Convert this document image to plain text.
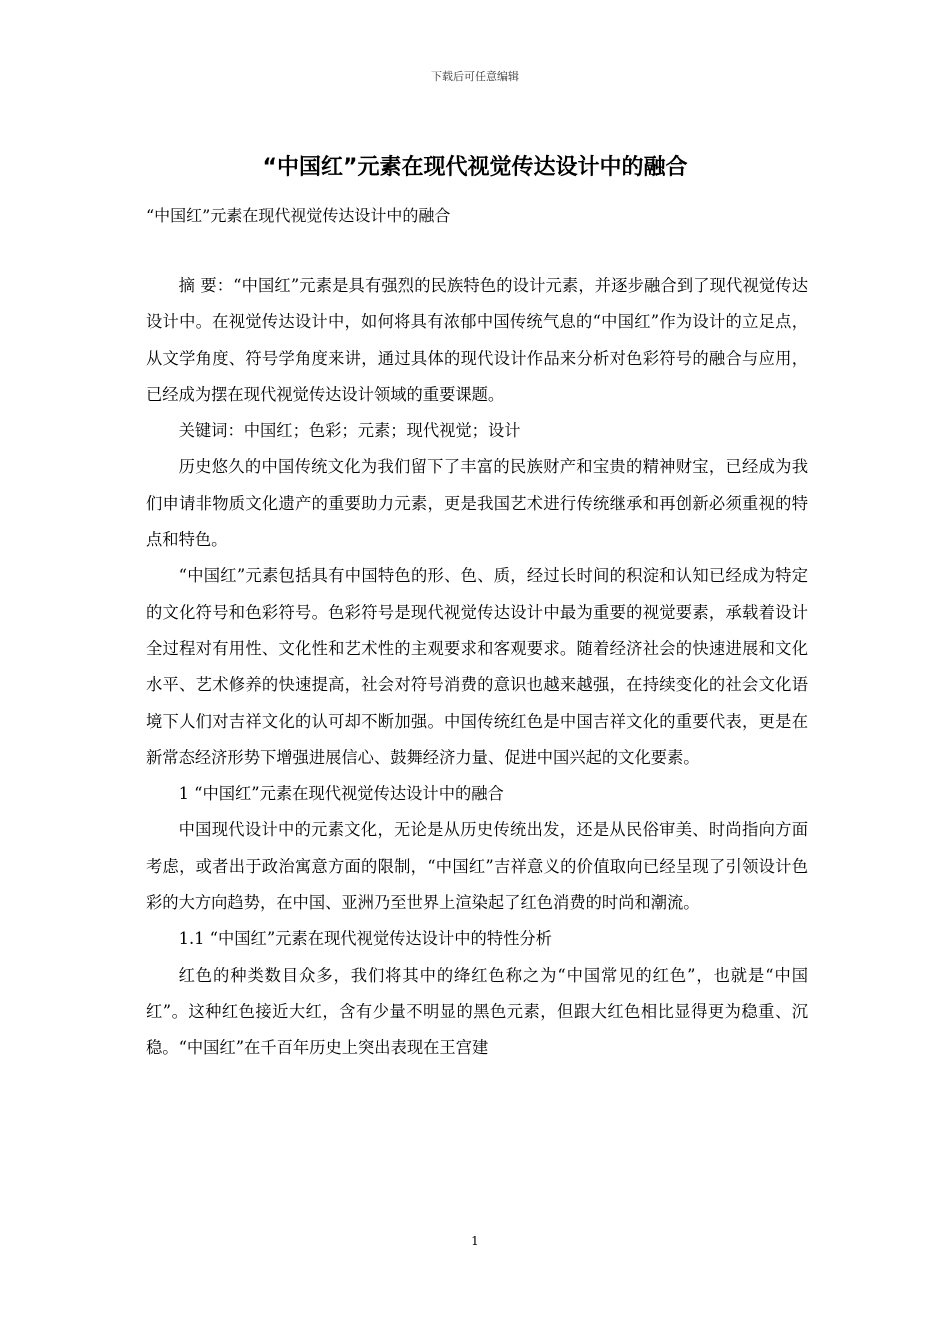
下载后可任意编辑
“中国红”元素在现代视觉传达设计中的融合
“中国红”元素在现代视觉传达设计中的融合

摘 要：“中国红”元素是具有强烈的民族特色的设计元素，并逐步融合到了现代视觉传达设计中。在视觉传达设计中，如何将具有浓郁中国传统气息的“中国红”作为设计的立足点，从文学角度、符号学角度来讲，通过具体的现代设计作品来分析对色彩符号的融合与应用，已经成为摆在现代视觉传达设计领域的重要课题。

关键词：中国红；色彩；元素；现代视觉；设计

历史悠久的中国传统文化为我们留下了丰富的民族财产和宝贵的精神财宝，已经成为我们申请非物质文化遗产的重要助力元素，更是我国艺术进行传统继承和再创新必须重视的特点和特色。

“中国红”元素包括具有中国特色的形、色、质，经过长时间的积淀和认知已经成为特定的文化符号和色彩符号。色彩符号是现代视觉传达设计中最为重要的视觉要素，承载着设计全过程对有用性、文化性和艺术性的主观要求和客观要求。随着经济社会的快速进展和文化水平、艺术修养的快速提高，社会对符号消费的意识也越来越强，在持续变化的社会文化语境下人们对吉祥文化的认可却不断加强。中国传统红色是中国吉祥文化的重要代表，更是在新常态经济形势下增强进展信心、鼓舞经济力量、促进中国兴起的文化要素。

1 “中国红”元素在现代视觉传达设计中的融合

中国现代设计中的元素文化，无论是从历史传统出发，还是从民俗审美、时尚指向方面考虑，或者出于政治寓意方面的限制，“中国红”吉祥意义的价值取向已经呈现了引领设计色彩的大方向趋势，在中国、亚洲乃至世界上渲染起了红色消费的时尚和潮流。

1.1 “中国红”元素在现代视觉传达设计中的特性分析

红色的种类数目众多，我们将其中的绛红色称之为“中国常见的红色”，也就是“中国红”。这种红色接近大红，含有少量不明显的黑色元素，但跟大红色相比显得更为稳重、沉稳。“中国红”在千百年历史上突出表现在王宫建

1
